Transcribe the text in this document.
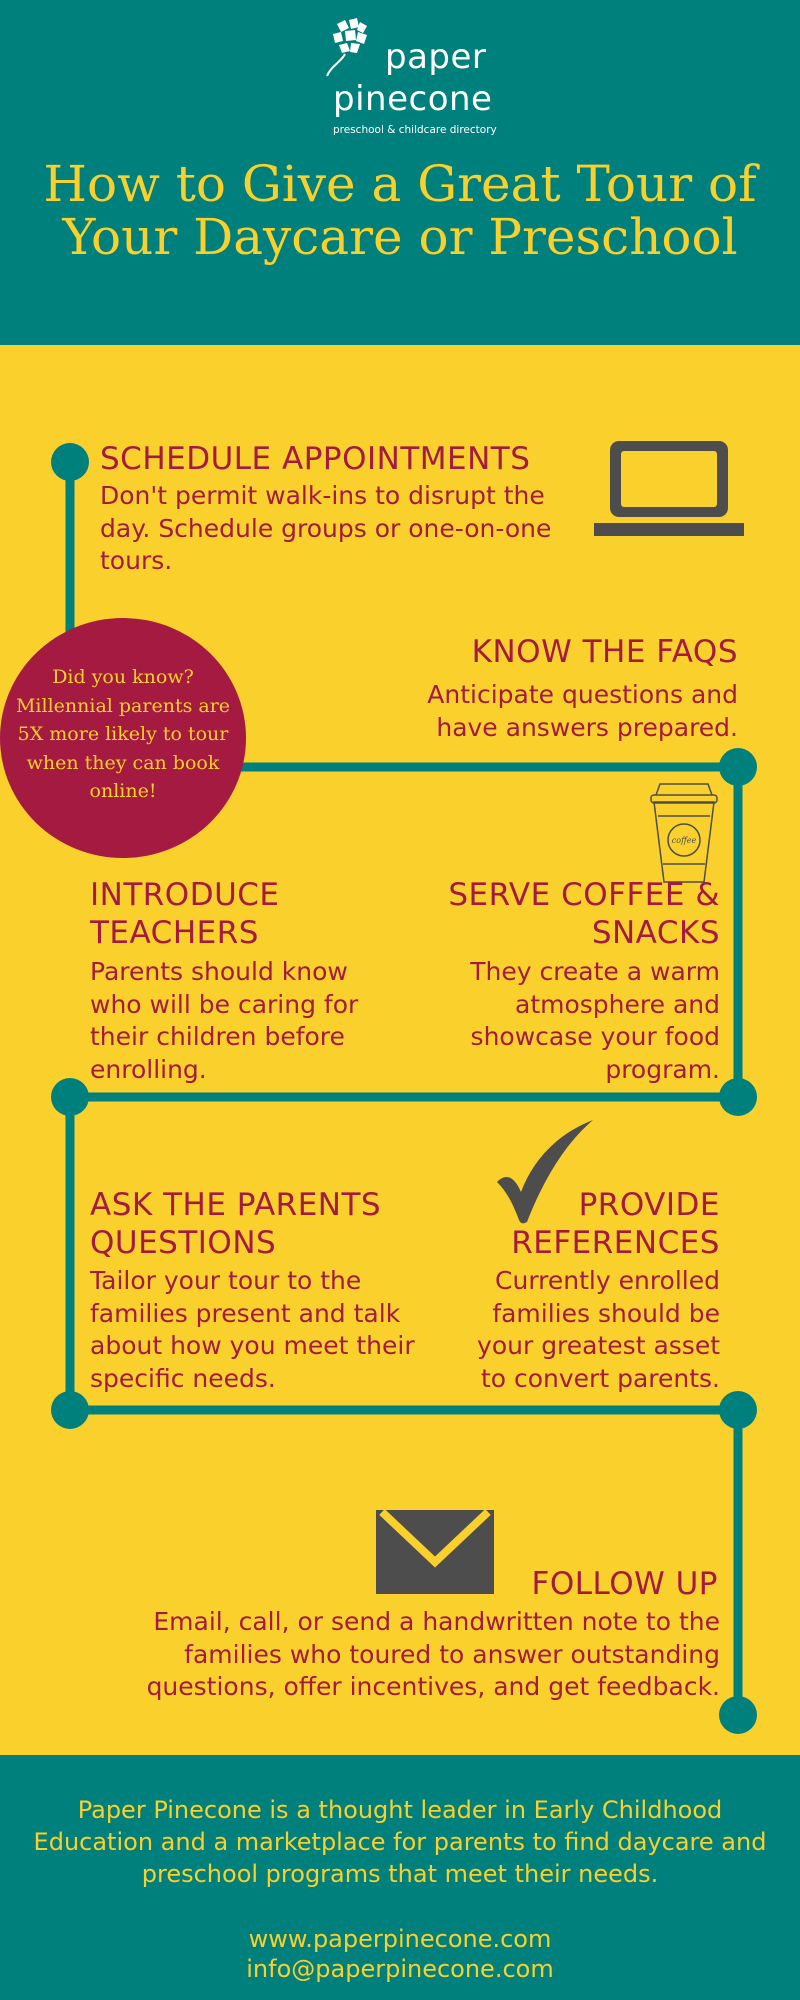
paper
pinecone
preschool & childcare directory
How to Give a Great Tour of Your Daycare or Preschool
SCHEDULE APPOINTMENTS
Don't permit walk-ins to disrupt the day. Schedule groups or one-on-one tours.
KNOW THE FAQS
Anticipate questions and have answers prepared.
Did you know? Millennial parents are 5X more likely to tour when they can book online!
INTRODUCE TEACHERS
Parents should know who will be caring for their children before enrolling.
coffee
SERVE COFFEE & SNACKS
They create a warm atmosphere and showcase your food program.
ASK THE PARENTS QUESTIONS
Tailor your tour to the families present and talk about how you meet their specific needs.
PROVIDE REFERENCES
Currently enrolled families should be your greatest asset to convert parents.
FOLLOW UP
Email, call, or send a handwritten note to the families who toured to answer outstanding questions, offer incentives, and get feedback.
Paper Pinecone is a thought leader in Early Childhood Education and a marketplace for parents to find daycare and preschool programs that meet their needs.
www.paperpinecone.com
info@paperpinecone.com
